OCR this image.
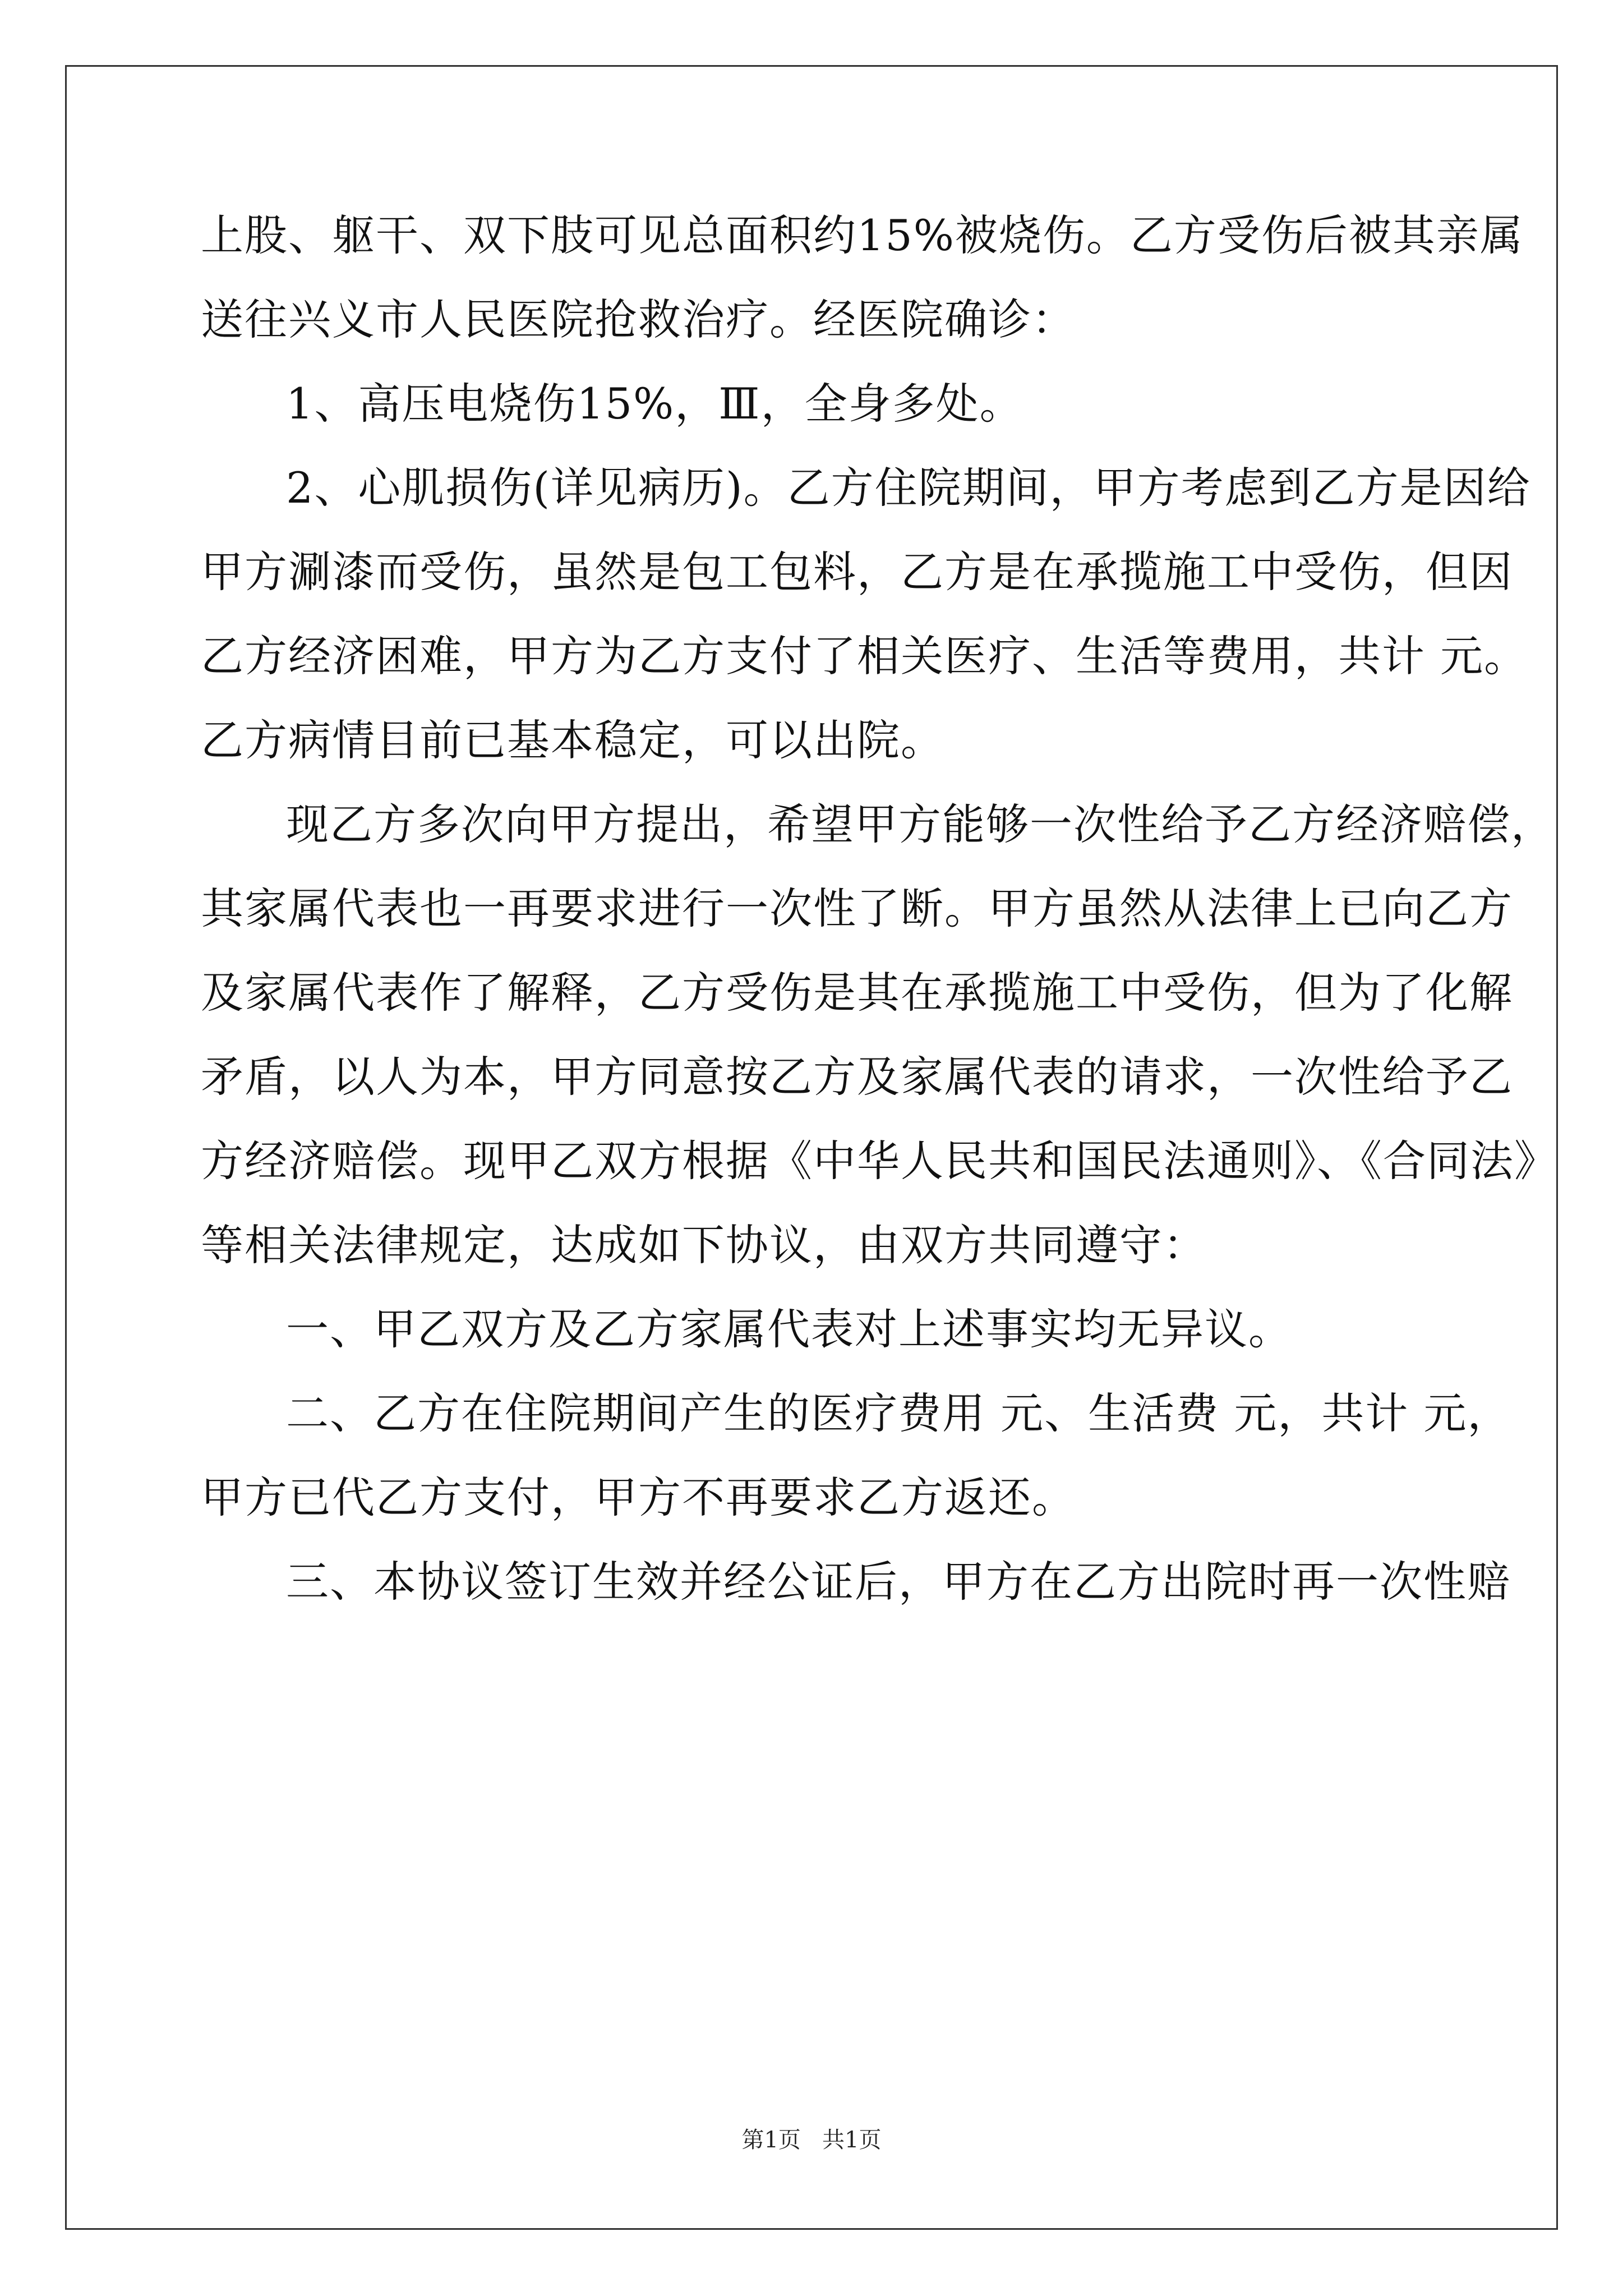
上股、躯干、双下肢可见总面积约15%被烧伤。乙方受伤后被其亲属
送往兴义市人民医院抢救治疗。经医院确诊：
1、高压电烧伤15%，Ⅲ，全身多处。
2、心肌损伤(详见病历)。乙方住院期间，甲方考虑到乙方是因给
甲方涮漆而受伤，虽然是包工包料，乙方是在承揽施工中受伤，但因
乙方经济困难，甲方为乙方支付了相关医疗、生活等费用，共计 元。
乙方病情目前已基本稳定，可以出院。
现乙方多次向甲方提出，希望甲方能够一次性给予乙方经济赔偿，
其家属代表也一再要求进行一次性了断。甲方虽然从法律上已向乙方
及家属代表作了解释，乙方受伤是其在承揽施工中受伤，但为了化解
矛盾，以人为本，甲方同意按乙方及家属代表的请求，一次性给予乙
方经济赔偿。现甲乙双方根据《中华人民共和国民法通则》、《合同法》
等相关法律规定，达成如下协议，由双方共同遵守：
一、甲乙双方及乙方家属代表对上述事实均无异议。
二、乙方在住院期间产生的医疗费用 元、生活费 元，共计 元，
甲方已代乙方支付，甲方不再要求乙方返还。
三、本协议签订生效并经公证后，甲方在乙方出院时再一次性赔
第1页   共1页
